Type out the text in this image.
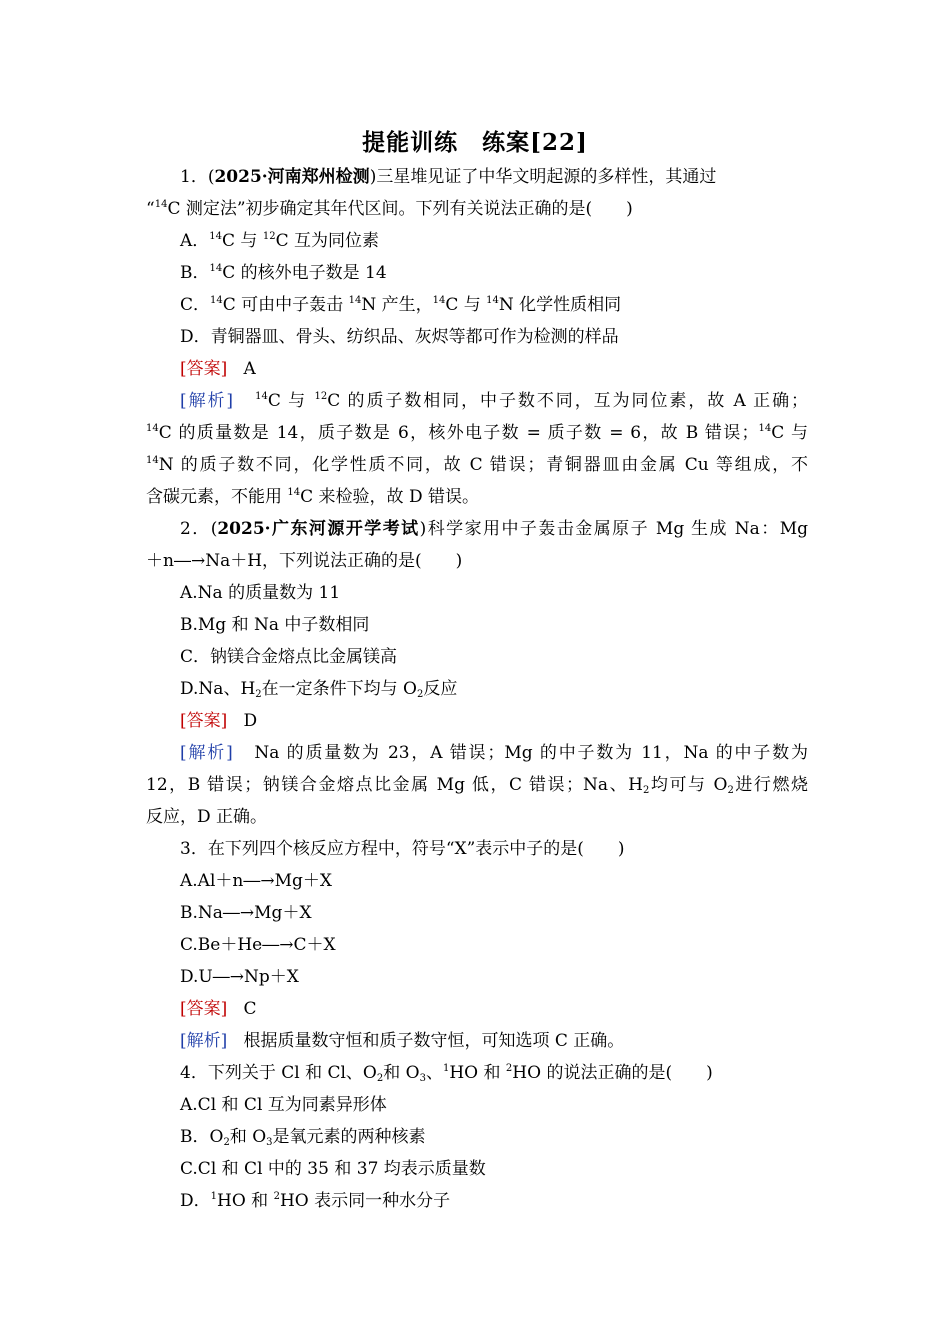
提能训练　练案[22]
1．(2025·河南郑州检测)三星堆见证了中华文明起源的多样性，其通过
“$^{14}$C 测定法”初步确定其年代区间。下列有关说法正确的是(　　)
A．$^{14}$C 与 $^{12}$C 互为同位素
B．$^{14}$C 的核外电子数是 14
C．$^{14}$C 可由中子轰击 $^{14}$N 产生，$^{14}$C 与 $^{14}$N 化学性质相同
D．青铜器皿、骨头、纺织品、灰烬等都可作为检测的样品
[答案] A
[解析] $^{14}$C 与 $^{12}$C 的质子数相同，中子数不同，互为同位素，故 A 正确；
$^{14}$C 的质量数是 14，质子数是 6，核外电子数 = 质子数 = 6，故 B 错误；$^{14}$C 与
$^{14}$N 的质子数不同，化学性质不同，故 C 错误；青铜器皿由金属 Cu 等组成，不
含碳元素，不能用 $^{14}$C 来检验，故 D 错误。
2．(2025·广东河源开学考试)科学家用中子轰击金属原子 Mg 生成 Na：Mg
＋n―→Na＋H，下列说法正确的是(　　)
A.Na 的质量数为 11
B.Mg 和 Na 中子数相同
C．钠镁合金熔点比金属镁高
D.Na、$H_2$在一定条件下均与 $O_2$反应
[答案] D
[解析] Na 的质量数为 23，A 错误；Mg 的中子数为 11，Na 的中子数为
12，B 错误；钠镁合金熔点比金属 Mg 低，C 错误；Na、$H_2$均可与 $O_2$进行燃烧
反应，D 正确。
3．在下列四个核反应方程中，符号“X”表示中子的是(　　)
A.Al＋n―→Mg＋X
B.Na―→Mg＋X
C.Be＋He―→C＋X
D.U―→Np＋X
[答案] C
[解析] 根据质量数守恒和质子数守恒，可知选项 C 正确。
4．下列关于 Cl 和 Cl、$O_2$和 $O_3$、$^1$HO 和 $^2$HO 的说法正确的是(　　)
A.Cl 和 Cl 互为同素异形体
B．$O_2$和 $O_3$是氧元素的两种核素
C.Cl 和 Cl 中的 35 和 37 均表示质量数
D．$^1$HO 和 $^2$HO 表示同一种水分子
